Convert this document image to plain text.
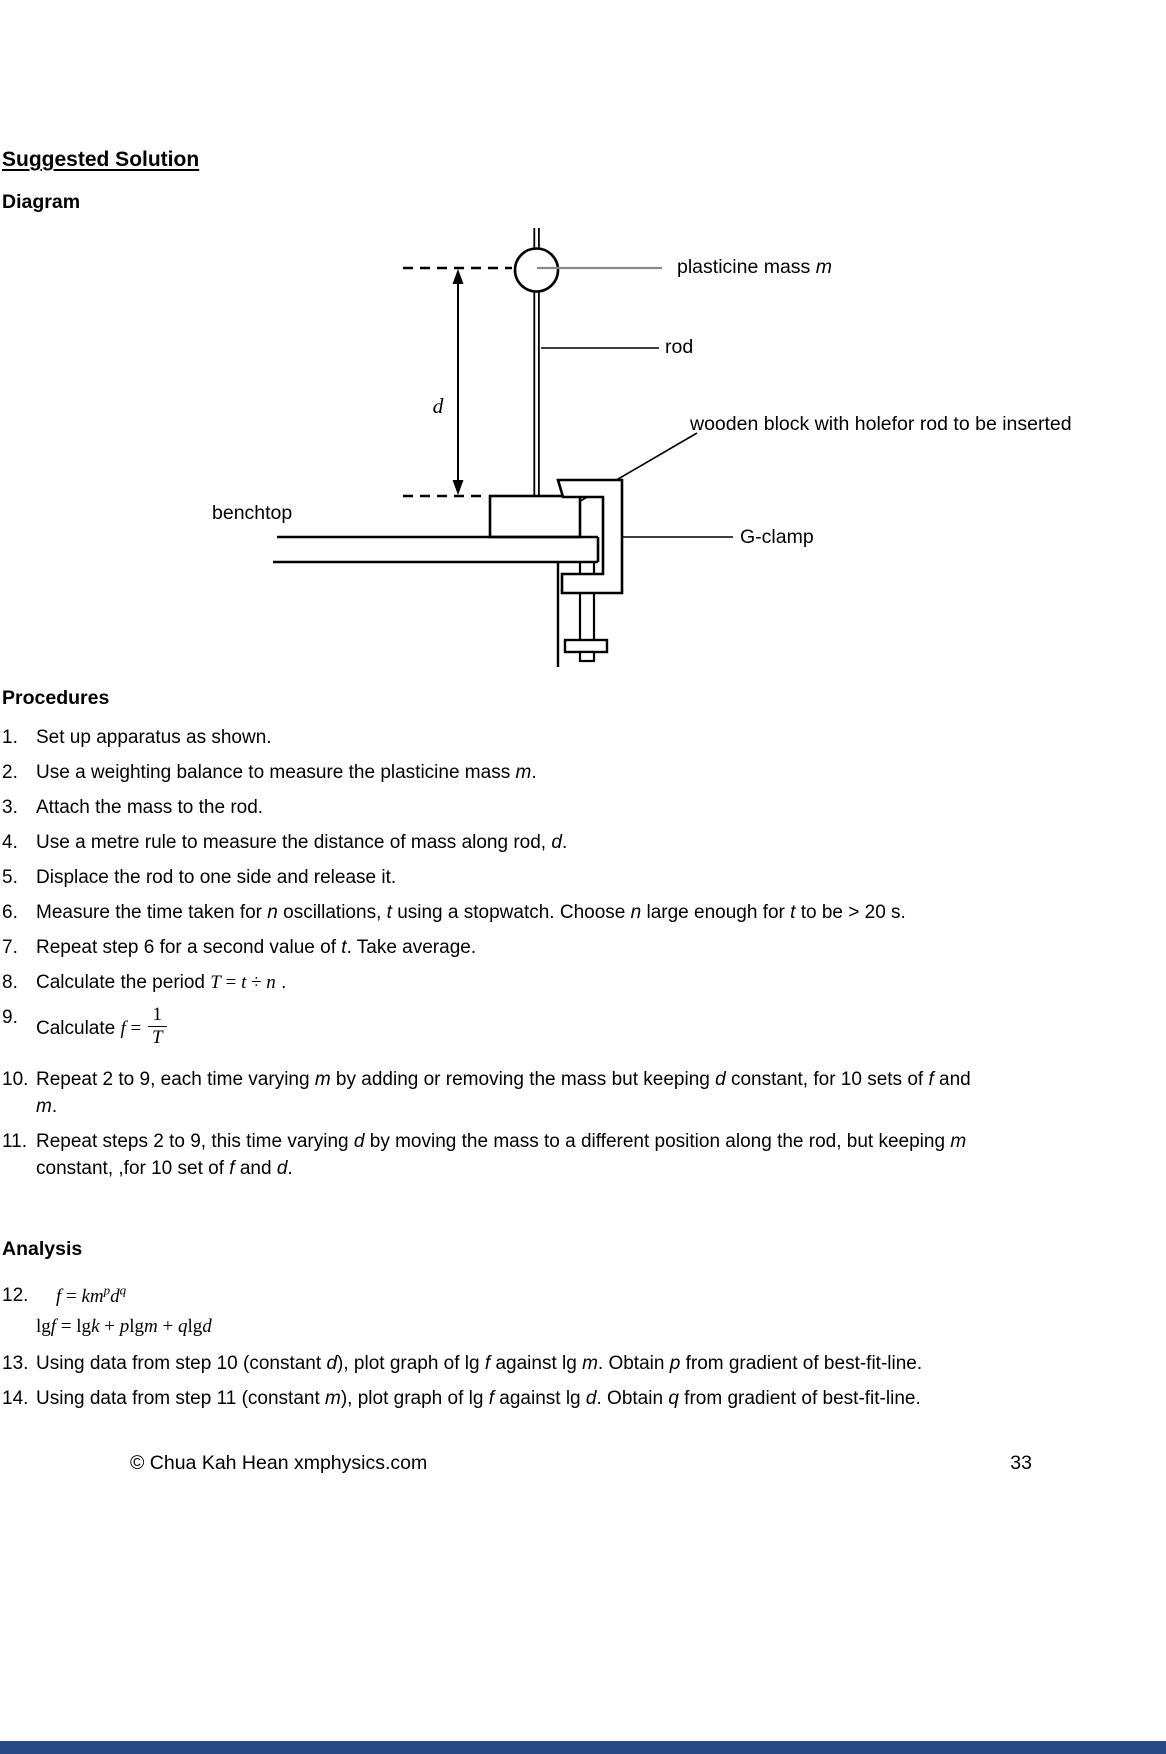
Suggested Solution
Diagram
plasticine mass m
rod
wooden block with holefor rod to be inserted
benchtop
G-clamp
d
Procedures
1. Set up apparatus as shown.
2. Use a weighting balance to measure the plasticine mass m.
3. Attach the mass to the rod.
4. Use a metre rule to measure the distance of mass along rod, d.
5. Displace the rod to one side and release it.
6. Measure the time taken for n oscillations, t using a stopwatch. Choose n large enough for t to be > 20 s.
7. Repeat step 6 for a second value of t. Take average.
8. Calculate the period T = t ÷ n .
9.
Calculate $f = \frac{1}{T}$
10. Repeat 2 to 9, each time varying m by adding or removing the mass but keeping d constant, for 10 sets of f and
m.
11. Repeat steps 2 to 9, this time varying d by moving the mass to a different position along the rod, but keeping m
constant, ,for 10 set of f and d.
Analysis
12.	$f = km^pd^q$
lgf = lgk + plgm + qlgd
13. Using data from step 10 (constant d), plot graph of lg f against lg m. Obtain p from gradient of best-fit-line.
14. Using data from step 11 (constant m), plot graph of lg f against lg d. Obtain q from gradient of best-fit-line.
© Chua Kah Hean xmphysics.com	33
